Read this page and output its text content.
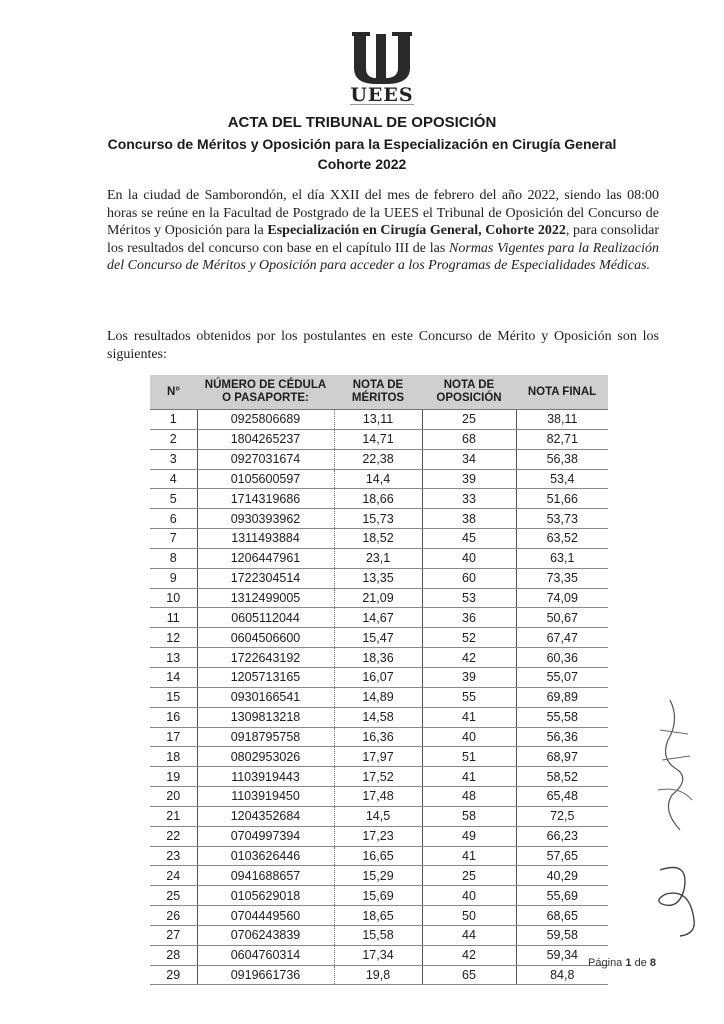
UEES
ACTA DEL TRIBUNAL DE OPOSICIÓN
Concurso de Méritos y Oposición para la Especialización en Cirugía General
Cohorte 2022
En la ciudad de Samborondón, el día XXII del mes de febrero del año 2022, siendo las 08:00 horas se reúne en la Facultad de Postgrado de la UEES el Tribunal de Oposición del Concurso de Méritos y Oposición para la Especialización en Cirugía General, Cohorte 2022, para consolidar los resultados del concurso con base en el capítulo III de las Normas Vigentes para la Realización del Concurso de Méritos y Oposición para acceder a los Programas de Especialidades Médicas.
Los resultados obtenidos por los postulantes en este Concurso de Mérito y Oposición son los siguientes:
N°	NÚMERO DE CÉDULA O PASAPORTE:	NOTA DE MÉRITOS	NOTA DE OPOSICIÓN	NOTA FINAL
1	0925806689	13,11	25	38,11
2	1804265237	14,71	68	82,71
3	0927031674	22,38	34	56,38
4	0105600597	14,4	39	53,4
5	1714319686	18,66	33	51,66
6	0930393962	15,73	38	53,73
7	1311493884	18,52	45	63,52
8	1206447961	23,1	40	63,1
9	1722304514	13,35	60	73,35
10	1312499005	21,09	53	74,09
11	0605112044	14,67	36	50,67
12	0604506600	15,47	52	67,47
13	1722643192	18,36	42	60,36
14	1205713165	16,07	39	55,07
15	0930166541	14,89	55	69,89
16	1309813218	14,58	41	55,58
17	0918795758	16,36	40	56,36
18	0802953026	17,97	51	68,97
19	1103919443	17,52	41	58,52
20	1103919450	17,48	48	65,48
21	1204352684	14,5	58	72,5
22	0704997394	17,23	49	66,23
23	0103626446	16,65	41	57,65
24	0941688657	15,29	25	40,29
25	0105629018	15,69	40	55,69
26	0704449560	18,65	50	68,65
27	0706243839	15,58	44	59,58
28	0604760314	17,34	42	59,34
29	0919661736	19,8	65	84,8
Página 1 de 8
